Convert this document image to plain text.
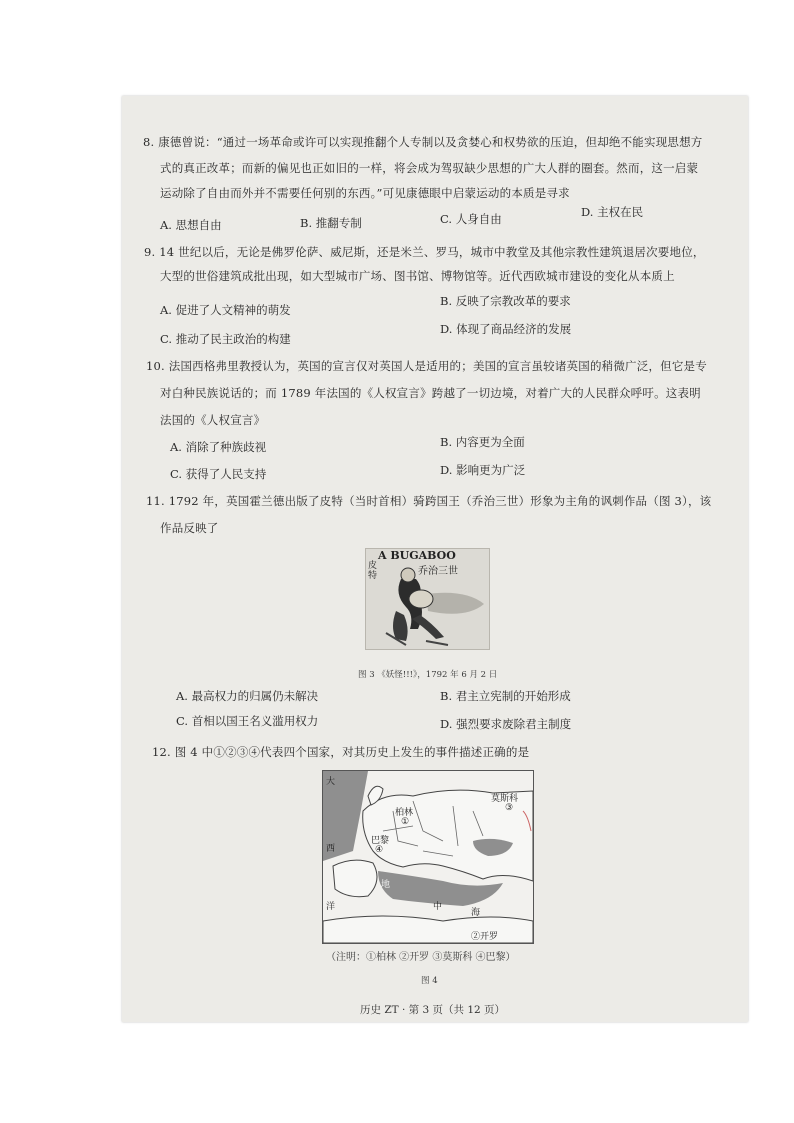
8. 康德曾说：“通过一场革命或许可以实现推翻个人专制以及贪婪心和权势欲的压迫，但却绝不能实现思想方
式的真正改革；而新的偏见也正如旧的一样，将会成为驾驭缺少思想的广大人群的圈套。然而，这一启蒙
运动除了自由而外并不需要任何别的东西。”可见康德眼中启蒙运动的本质是寻求
A. 思想自由	B. 推翻专制	C. 人身自由	D. 主权在民
9. 14 世纪以后，无论是佛罗伦萨、威尼斯，还是米兰、罗马，城市中教堂及其他宗教性建筑退居次要地位，
大型的世俗建筑成批出现，如大型城市广场、图书馆、博物馆等。近代西欧城市建设的变化从本质上
A. 促进了人文精神的萌发
B. 反映了宗教改革的要求
C. 推动了民主政治的构建
D. 体现了商品经济的发展
10. 法国西格弗里教授认为，英国的宣言仅对英国人是适用的；美国的宣言虽较诸英国的稍微广泛，但它是专
对白种民族说话的；而 1789 年法国的《人权宣言》跨越了一切边境，对着广大的人民群众呼吁。这表明
法国的《人权宣言》
A. 消除了种族歧视	B. 内容更为全面
C. 获得了人民支持	D. 影响更为广泛
11. 1792 年，英国霍兰德出版了皮特（当时首相）骑跨国王（乔治三世）形象为主角的讽刺作品（图 3），该
作品反映了
A BUGABOO
乔治三世
皮特
图 3 《妖怪!!!》，1792 年 6 月 2 日
A. 最高权力的归属仍未解决	B. 君主立宪制的开始形成
C. 首相以国王名义滥用权力	D. 强烈要求废除君主制度
12. 图 4 中①②③④代表四个国家，对其历史上发生的事件描述正确的是
大
西
洋
地
中
海
柏林
①
莫斯科
③
巴黎
④
②开罗
（注明：①柏林 ②开罗 ③莫斯科 ④巴黎）
图 4
历史 ZT · 第 3 页（共 12 页）
